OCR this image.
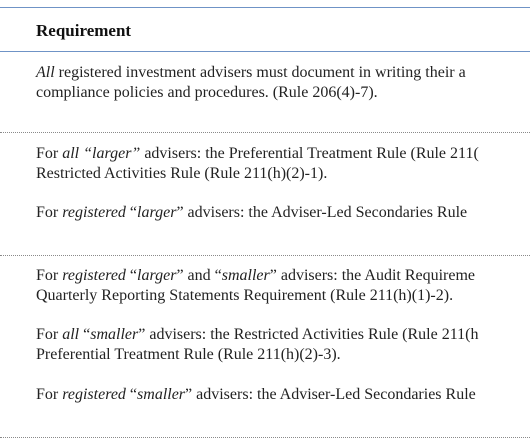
Requirement
All registered investment advisers must document in writing their a
compliance policies and procedures. (Rule 206(4)-7).
For all “larger” advisers: the Preferential Treatment Rule (Rule 211(
Restricted Activities Rule (Rule 211(h)(2)-1).
For registered “larger” advisers: the Adviser-Led Secondaries Rule
For registered “larger” and “smaller” advisers: the Audit Requireme
Quarterly Reporting Statements Requirement (Rule 211(h)(1)-2).
For all “smaller” advisers: the Restricted Activities Rule (Rule 211(h
Preferential Treatment Rule (Rule 211(h)(2)-3).
For registered “smaller” advisers: the Adviser-Led Secondaries Rule
